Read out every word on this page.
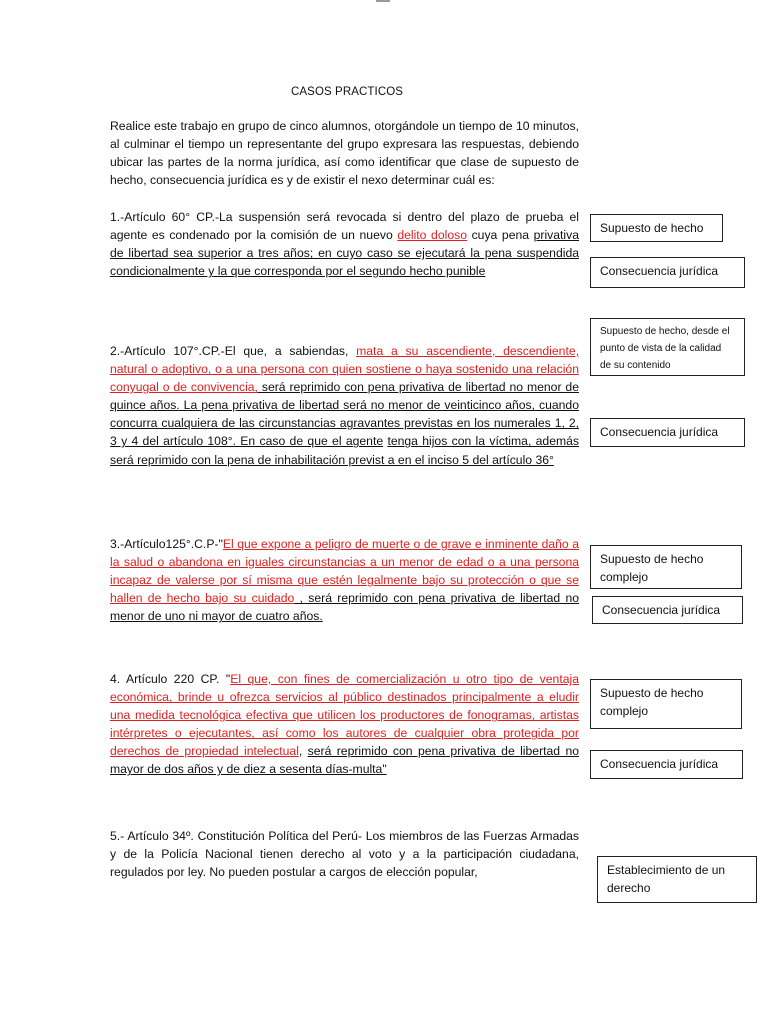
CASOS PRACTICOS

Realice este trabajo en grupo de cinco alumnos, otorgándole un tiempo de 10 minutos, al culminar el tiempo un representante del grupo expresara las respuestas, debiendo ubicar las partes de la norma jurídica, así como identificar que clase de supuesto de hecho, consecuencia jurídica es y de existir el nexo determinar cuál es:

1.-Artículo 60° CP.-La suspensión será revocada si dentro del plazo de prueba el agente es condenado por la comisión de un nuevo delito doloso cuya pena privativa de libertad sea superior a tres años; en cuyo caso se ejecutará la pena suspendida condicionalmente y la que corresponda por el segundo hecho punible

2.-Artículo 107°.CP.-El que, a sabiendas, mata a su ascendiente, descendiente, natural o adoptivo, o a una persona con quien sostiene o haya sostenido una relación conyugal o de convivencia, será reprimido con pena privativa de libertad no menor de quince años. La pena privativa de libertad será no menor de veinticinco años, cuando concurra cualquiera de las circunstancias agravantes previstas en los numerales 1, 2, 3 y 4 del artículo 108°. En caso de que el agente tenga hijos con la víctima, además será reprimido con la pena de inhabilitación previst a en el inciso 5 del artículo 36°

3.-Artículo125°.C.P-"El que expone a peligro de muerte o de grave e inminente daño a la salud o abandona en iguales circunstancias a un menor de edad o a una persona incapaz de valerse por sí misma que estén legalmente bajo su protección o que se hallen de hecho bajo su cuidado , será reprimido con pena privativa de libertad no menor de uno ni mayor de cuatro años.

4. Artículo 220 CP. "El que, con fines de comercialización u otro tipo de ventaja económica, brinde u ofrezca servicios al público destinados principalmente a eludir una medida tecnológica efectiva que utilicen los productores de fonogramas, artistas intérpretes o ejecutantes, así como los autores de cualquier obra protegida por derechos de propiedad intelectual, será reprimido con pena privativa de libertad no mayor de dos años y de diez a sesenta días-multa"

5.- Artículo 34º. Constitución Política del Perú- Los miembros de las Fuerzas Armadas y de la Policía Nacional tienen derecho al voto y a la participación ciudadana, regulados por ley. No pueden postular a cargos de elección popular,

Supuesto de hecho
Consecuencia jurídica
Supuesto de hecho, desde el punto de vista de la calidad de su contenido
Consecuencia jurídica
Supuesto de hecho complejo
Consecuencia jurídica
Supuesto de hecho complejo
Consecuencia jurídica
Establecimiento de un derecho
